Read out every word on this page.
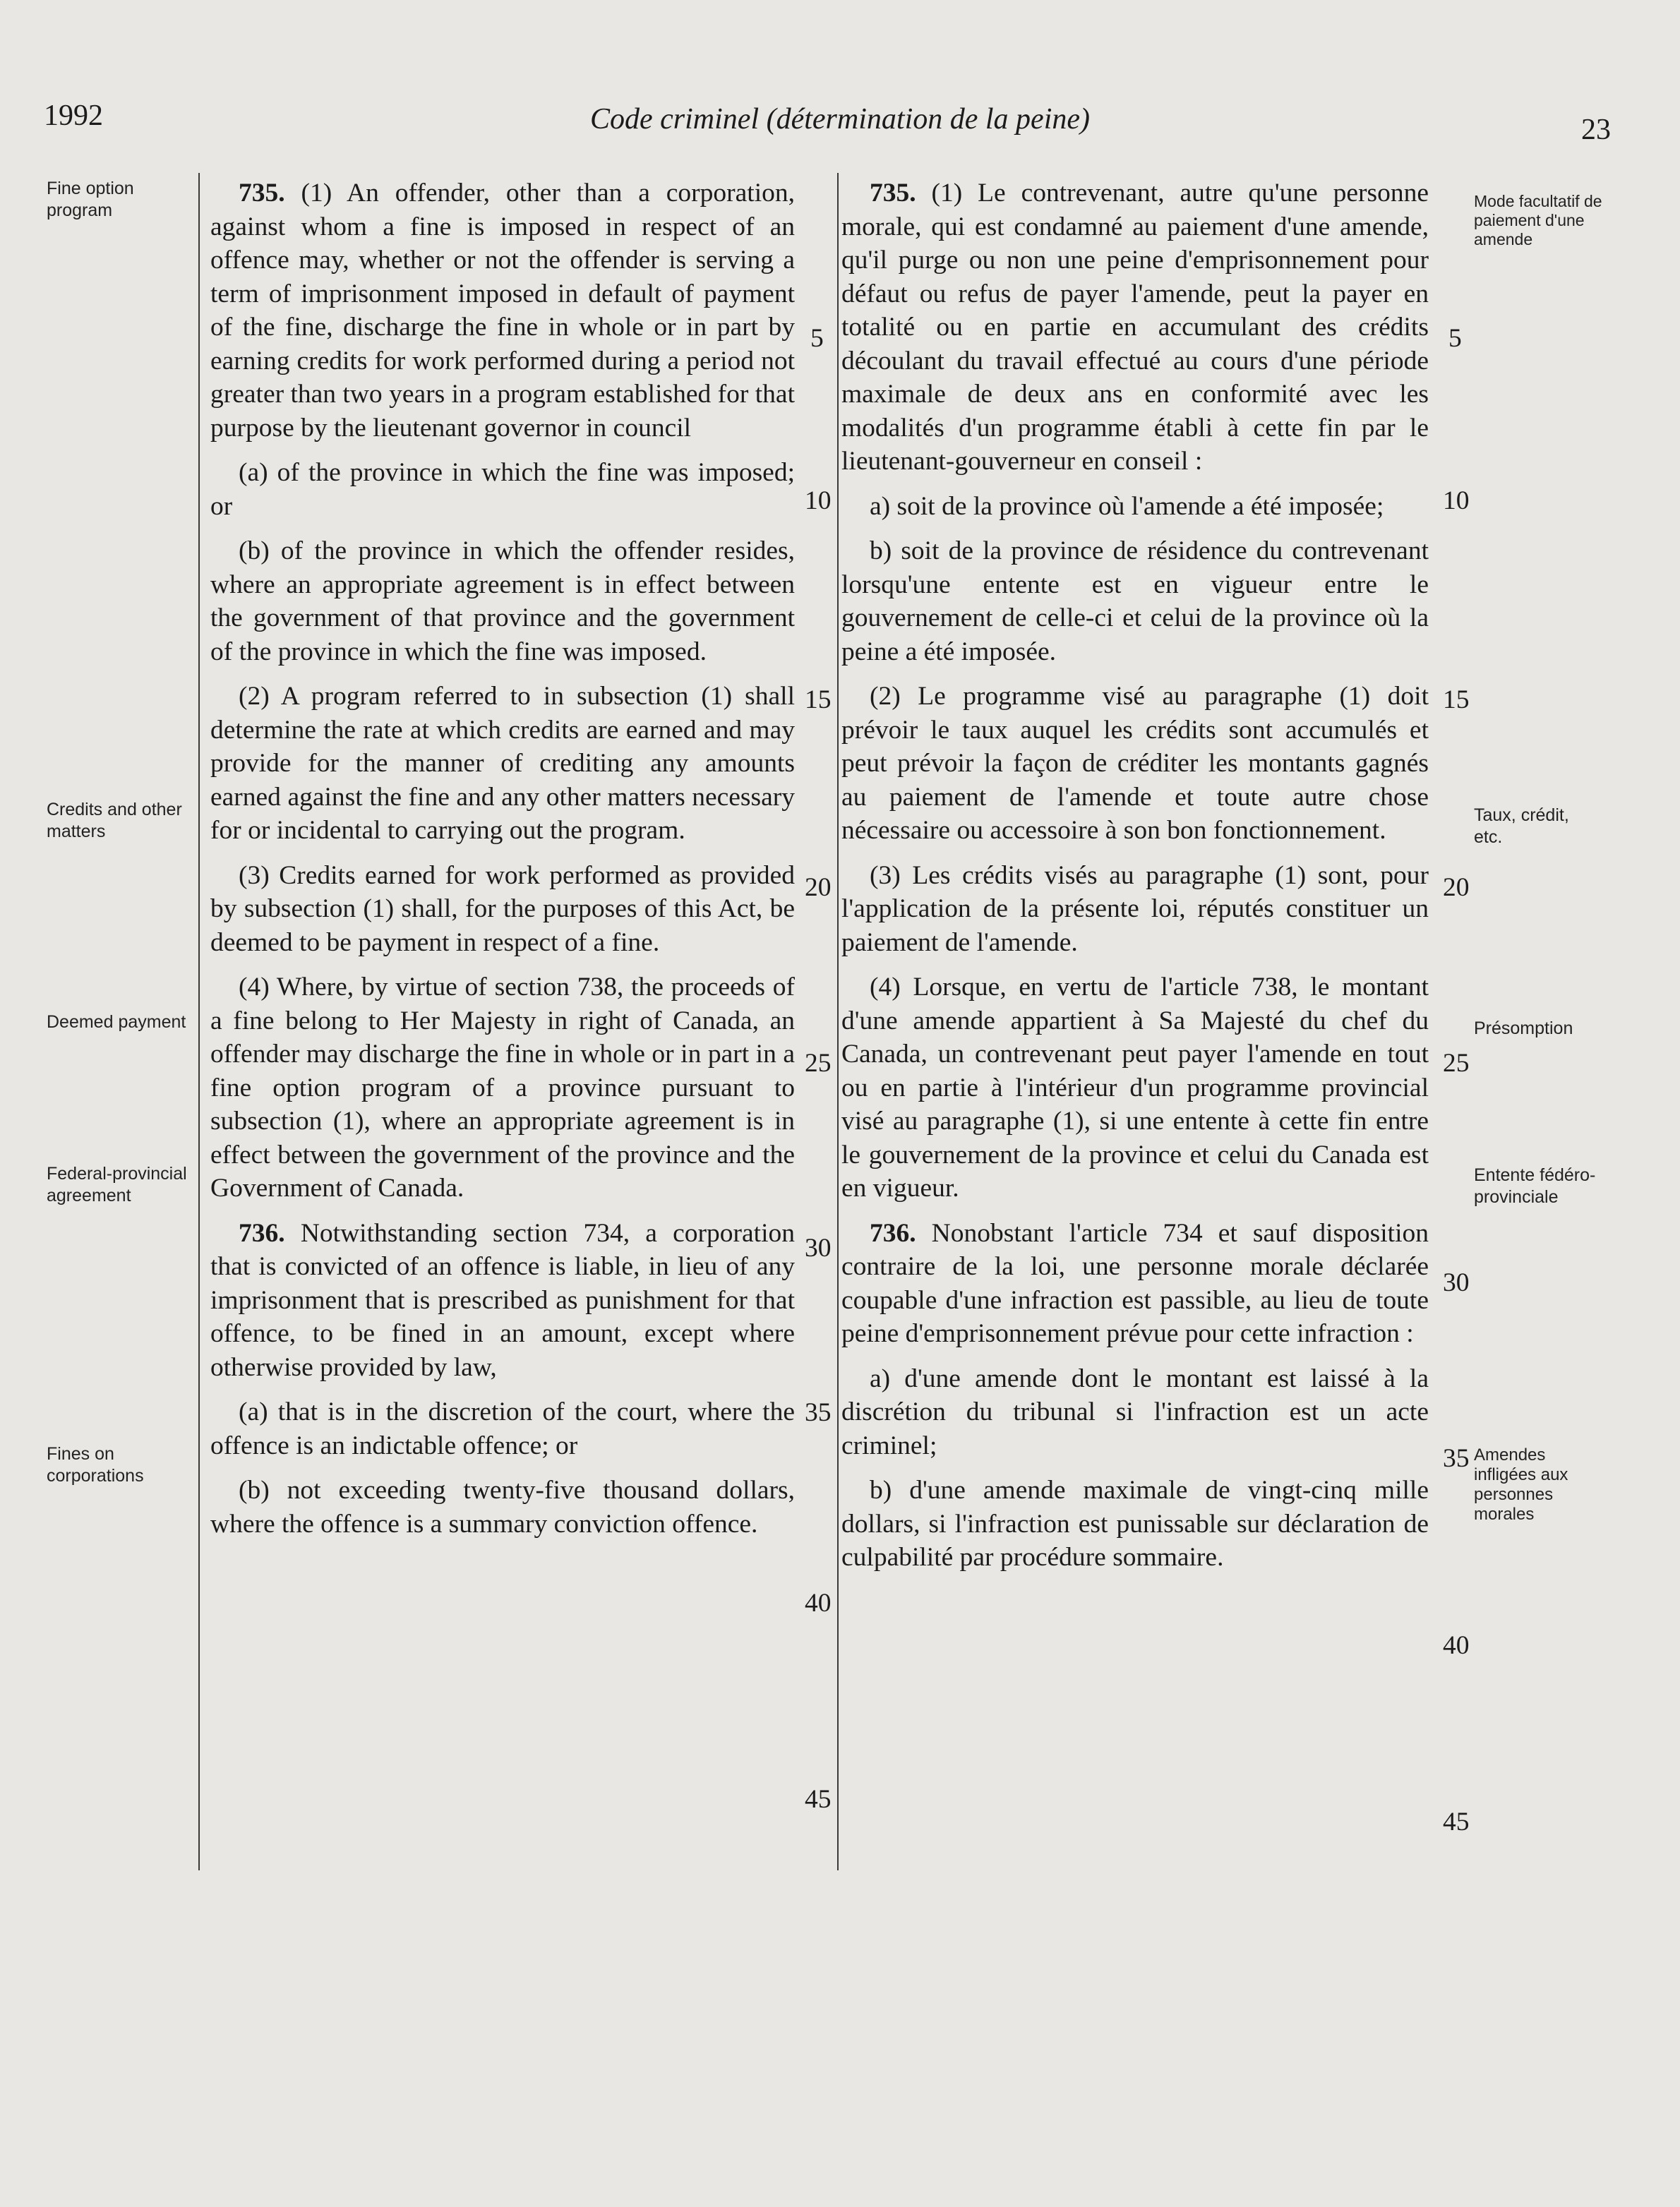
1992	Code criminel (détermination de la peine)	23
Fine option program
Credits and other matters
Deemed payment
Federal-provincial agreement
Fines on corporations
Mode facultatif de paiement d'une amende
Taux, crédit, etc.
Présomption
Entente fédéro-provinciale
Amendes infligées aux personnes morales
5
10
15
20
25
30
35
40
45
5
10
15
20
25
30
35
40
45

735. (1) An offender, other than a corporation, against whom a fine is imposed in respect of an offence may, whether or not the offender is serving a term of imprisonment imposed in default of payment of the fine, discharge the fine in whole or in part by earning credits for work performed during a period not greater than two years in a program established for that purpose by the lieutenant governor in council

(a) of the province in which the fine was imposed; or

(b) of the province in which the offender resides, where an appropriate agreement is in effect between the government of that province and the government of the province in which the fine was imposed.

(2) A program referred to in subsection (1) shall determine the rate at which credits are earned and may provide for the manner of crediting any amounts earned against the fine and any other matters necessary for or incidental to carrying out the program.

(3) Credits earned for work performed as provided by subsection (1) shall, for the purposes of this Act, be deemed to be payment in respect of a fine.

(4) Where, by virtue of section 738, the proceeds of a fine belong to Her Majesty in right of Canada, an offender may discharge the fine in whole or in part in a fine option program of a province pursuant to subsection (1), where an appropriate agreement is in effect between the government of the province and the Government of Canada.

736. Notwithstanding section 734, a corporation that is convicted of an offence is liable, in lieu of any imprisonment that is prescribed as punishment for that offence, to be fined in an amount, except where otherwise provided by law,

(a) that is in the discretion of the court, where the offence is an indictable offence; or

(b) not exceeding twenty-five thousand dollars, where the offence is a summary conviction offence.

735. (1) Le contrevenant, autre qu'une personne morale, qui est condamné au paiement d'une amende, qu'il purge ou non une peine d'emprisonnement pour défaut ou refus de payer l'amende, peut la payer en totalité ou en partie en accumulant des crédits découlant du travail effectué au cours d'une période maximale de deux ans en conformité avec les modalités d'un programme établi à cette fin par le lieutenant-gouverneur en conseil :

a) soit de la province où l'amende a été imposée;

b) soit de la province de résidence du contrevenant lorsqu'une entente est en vigueur entre le gouvernement de celle-ci et celui de la province où la peine a été imposée.

(2) Le programme visé au paragraphe (1) doit prévoir le taux auquel les crédits sont accumulés et peut prévoir la façon de créditer les montants gagnés au paiement de l'amende et toute autre chose nécessaire ou accessoire à son bon fonctionnement.

(3) Les crédits visés au paragraphe (1) sont, pour l'application de la présente loi, réputés constituer un paiement de l'amende.

(4) Lorsque, en vertu de l'article 738, le montant d'une amende appartient à Sa Majesté du chef du Canada, un contrevenant peut payer l'amende en tout ou en partie à l'intérieur d'un programme provincial visé au paragraphe (1), si une entente à cette fin entre le gouvernement de la province et celui du Canada est en vigueur.

736. Nonobstant l'article 734 et sauf disposition contraire de la loi, une personne morale déclarée coupable d'une infraction est passible, au lieu de toute peine d'emprisonnement prévue pour cette infraction :

a) d'une amende dont le montant est laissé à la discrétion du tribunal si l'infraction est un acte criminel;

b) d'une amende maximale de vingt-cinq mille dollars, si l'infraction est punissable sur déclaration de culpabilité par procédure sommaire.
